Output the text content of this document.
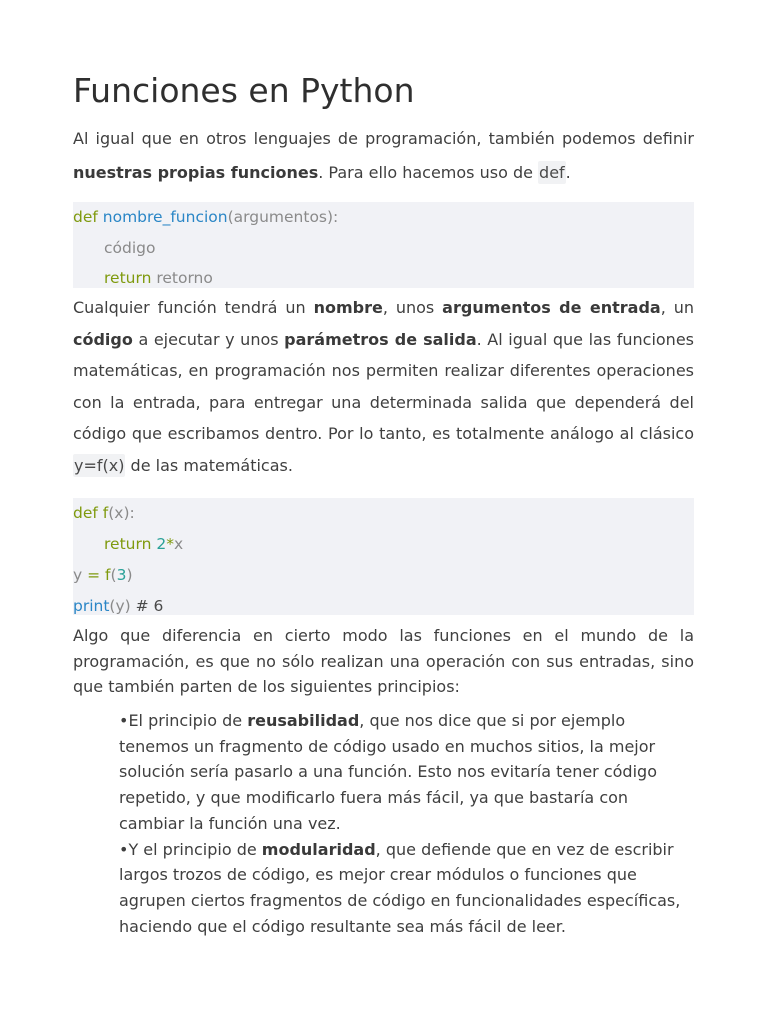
Funciones en Python

Al igual que en otros lenguajes de programación, también podemos definir nuestras propias funciones. Para ello hacemos uso de def.

def nombre_funcion(argumentos):
código
return retorno

Cualquier función tendrá un nombre, unos argumentos de entrada, un código a ejecutar y unos parámetros de salida. Al igual que las funciones matemáticas, en programación nos permiten realizar diferentes operaciones con la entrada, para entregar una determinada salida que dependerá del código que escribamos dentro. Por lo tanto, es totalmente análogo al clásico y=f(x) de las matemáticas.

def f(x):
return 2*x
y = f(3)
print(y) # 6

Algo que diferencia en cierto modo las funciones en el mundo de la programación, es que no sólo realizan una operación con sus entradas, sino que también parten de los siguientes principios:

•El principio de reusabilidad, que nos dice que si por ejemplo tenemos un fragmento de código usado en muchos sitios, la mejor solución sería pasarlo a una función. Esto nos evitaría tener código repetido, y que modificarlo fuera más fácil, ya que bastaría con cambiar la función una vez.
•Y el principio de modularidad, que defiende que en vez de escribir largos trozos de código, es mejor crear módulos o funciones que agrupen ciertos fragmentos de código en funcionalidades específicas, haciendo que el código resultante sea más fácil de leer.
